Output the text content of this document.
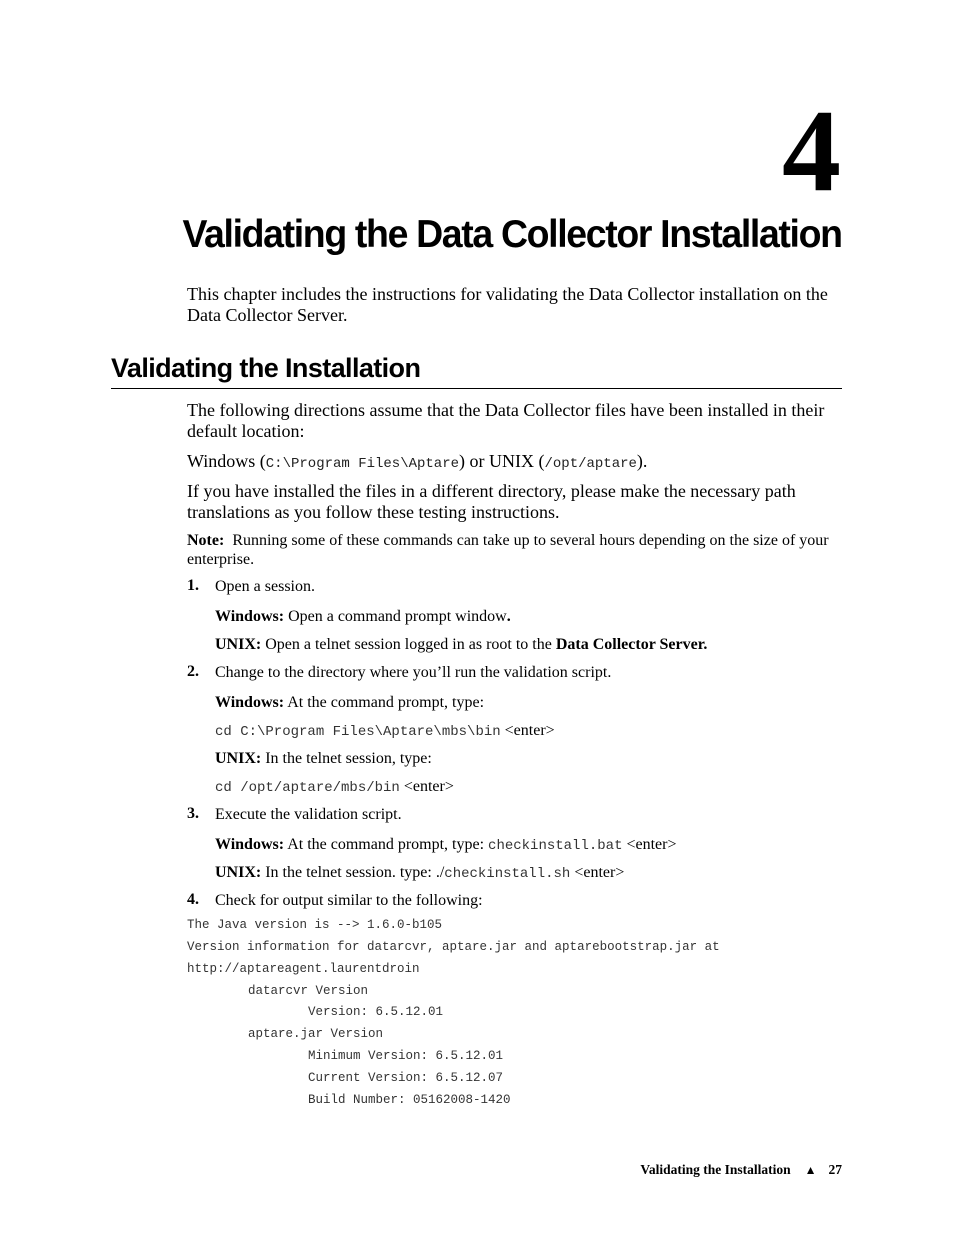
4
Validating the Data Collector Installation
This chapter includes the instructions for validating the Data Collector installation on the Data Collector Server.
Validating the Installation
The following directions assume that the Data Collector files have been installed in their default location:
Windows (C:\Program Files\Aptare) or UNIX (/opt/aptare).
If you have installed the files in a different directory, please make the necessary path translations as you follow these testing instructions.
Note: Running some of these commands can take up to several hours depending on the size of your enterprise.
1. Open a session.
Windows: Open a command prompt window.
UNIX: Open a telnet session logged in as root to the Data Collector Server.
2. Change to the directory where you’ll run the validation script.
Windows: At the command prompt, type:
cd C:\Program Files\Aptare\mbs\bin <enter>
UNIX: In the telnet session, type:
cd /opt/aptare/mbs/bin <enter>
3. Execute the validation script.
Windows: At the command prompt, type: checkinstall.bat <enter>
UNIX: In the telnet session. type: ./checkinstall.sh <enter>
4. Check for output similar to the following:
The Java version is --> 1.6.0-b105
Version information for datarcvr, aptare.jar and aptarebootstrap.jar at
http://aptareagent.laurentdroin
datarcvr Version
Version: 6.5.12.01
aptare.jar Version
Minimum Version: 6.5.12.01
Current Version: 6.5.12.07
Build Number: 05162008-1420
Validating the Installation ▲ 27
